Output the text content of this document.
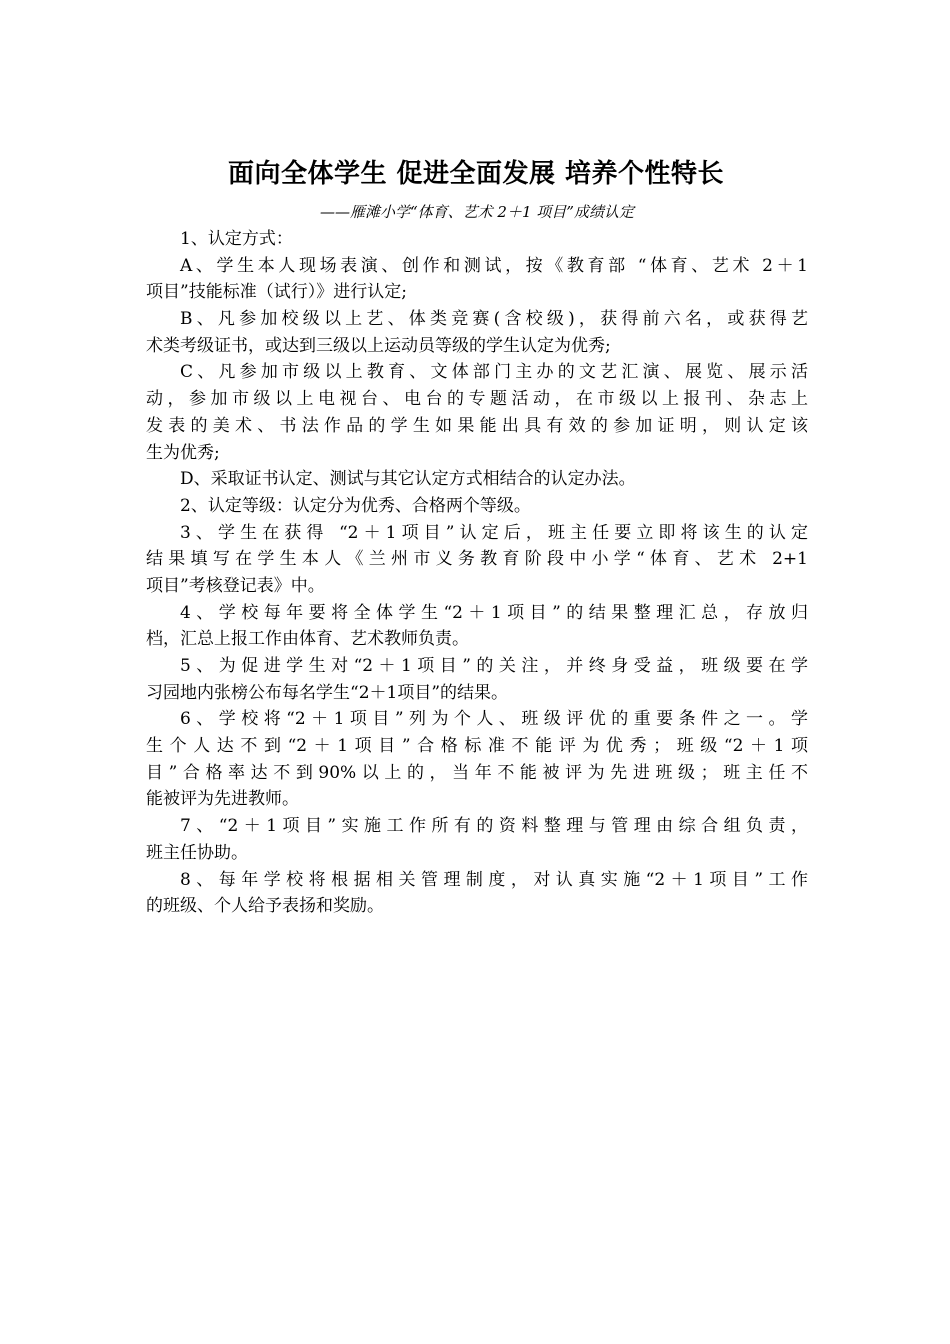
面向全体学生 促进全面发展 培养个性特长
——雁滩小学“体育、艺术 2＋1 项目”成绩认定
1、认定方式：
A、学生本人现场表演、创作和测试，按《教育部 “体育、艺术 2＋1
项目”技能标准（试行）》进行认定;
B、凡参加校级以上艺、体类竞赛(含校级)，获得前六名，或获得艺
术类考级证书，或达到三级以上运动员等级的学生认定为优秀;
C、凡参加市级以上教育、文体部门主办的文艺汇演、展览、展示活
动，参加市级以上电视台、电台的专题活动，在市级以上报刊、杂志上
发表的美术、书法作品的学生如果能出具有效的参加证明，则认定该
生为优秀;
D、采取证书认定、测试与其它认定方式相结合的认定办法。
2、认定等级：认定分为优秀、合格两个等级。
3、学生在获得 “2＋1项目”认定后，班主任要立即将该生的认定
结果填写在学生本人《兰州市义务教育阶段中小学“体育、艺术 2+1
项目”考核登记表》中。
4、学校每年要将全体学生“2＋1项目”的结果整理汇总，存放归
档，汇总上报工作由体育、艺术教师负责。
5、为促进学生对“2＋1项目”的关注，并终身受益，班级要在学
习园地内张榜公布每名学生“2＋1项目”的结果。
6、学校将“2＋1项目”列为个人、班级评优的重要条件之一。学
生个人达不到“2＋1项目”合格标准不能评为优秀；班级“2＋1项
目”合格率达不到90%以上的，当年不能被评为先进班级；班主任不
能被评为先进教师。
7、“2＋1项目”实施工作所有的资料整理与管理由综合组负责，
班主任协助。
8、每年学校将根据相关管理制度，对认真实施“2＋1项目”工作
的班级、个人给予表扬和奖励。
